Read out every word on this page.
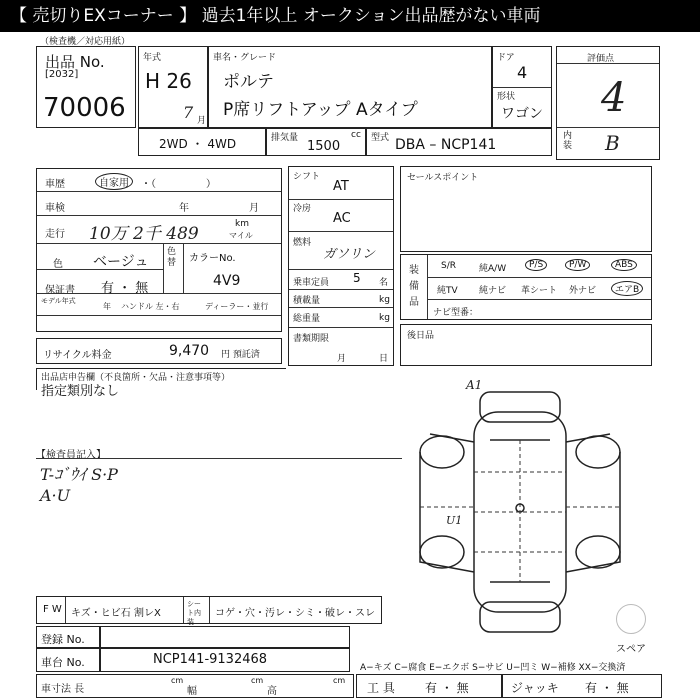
【 売切りEXコーナー 】 過去1年以上 オークション出品歴がない車両
（検査機／対応用紙）
出品 No.
[2032]
70006
年式
H 26
7 月
車名・グレード
ポルテ
P席リフトアップ Aタイプ
ドア
4
形状
ワゴン
評価点
4
内装 B
2WD ・ 4WD	排気量
1500
cc 型式 DBA – NCP141
車歴	自家用	・（　　　　　）
車検	年	月
走行 10万 2千 489	km
マイル
色 ベージュ
色替 カラーNo.
4V9
保証書 有 ・ 無
モデル年式
年 ハンドル 左・右	ディーラー・並行
リサイクル料金	9,470 円 預託済
シフト
AT
冷房
AC
燃料
ガソリン
乗車定員 5 名
積載量	kg
総重量	kg
書類期限
月	日
セールスポイント
装備品
S/R	純A/W	P/S	P/W	ABS
純TV 純ナビ 革シート 外ナビ	エアB
ナビ型番：
後日品
出品店申告欄（不良箇所・欠品・注意事項等）
指定類別なし
【検査員記入】
T-ｺﾞｳｲ S·P
A·U
A1
U1
スペア
F W キズ・ヒビ石 割レX
シート内装
コゲ・穴・汚レ・シミ・破レ・スレ
登録 No.
車台 No.	NCP141-9132468
A−キズ C−腐食 E−エクボ S−サビ U−凹ミ W−補修 XX−交換済
車寸法 長
cm
幅
cm
高
cm
工 具	有 ・ 無	ジャッキ 有 ・ 無
